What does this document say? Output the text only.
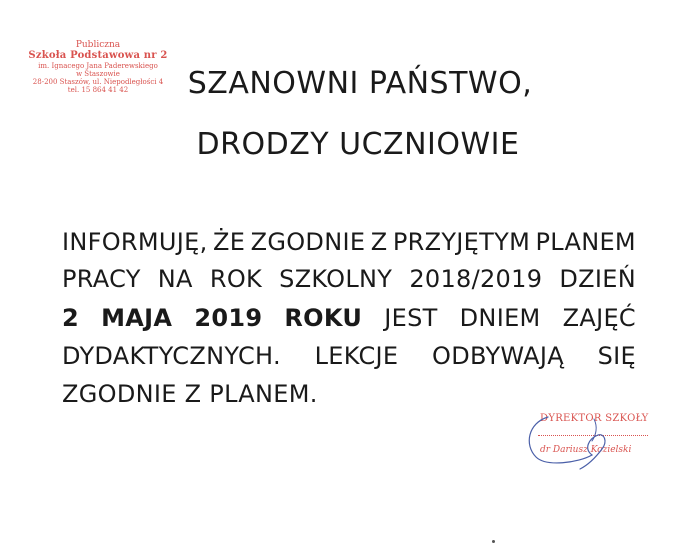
Publiczna
Szkoła Podstawowa nr 2
im. Ignacego Jana Paderewskiego
w Staszowie
28-200 Staszów, ul. Niepodległości 4
tel. 15 864 41 42	SZANOWNI PAŃSTWO,
DRODZY UCZNIOWIE
INFORMUJĘ, ŻE ZGODNIE Z PRZYJĘTYM PLANEM
PRACY NA ROK SZKOLNY 2018/2019 DZIEŃ
2 MAJA 2019 ROKU JEST DNIEM ZAJĘĆ
DYDAKTYCZNYCH. LEKCJE ODBYWAJĄ SIĘ
ZGODNIE Z PLANEM.
DYREKTOR SZKOŁY
dr Dariusz Kozielski
